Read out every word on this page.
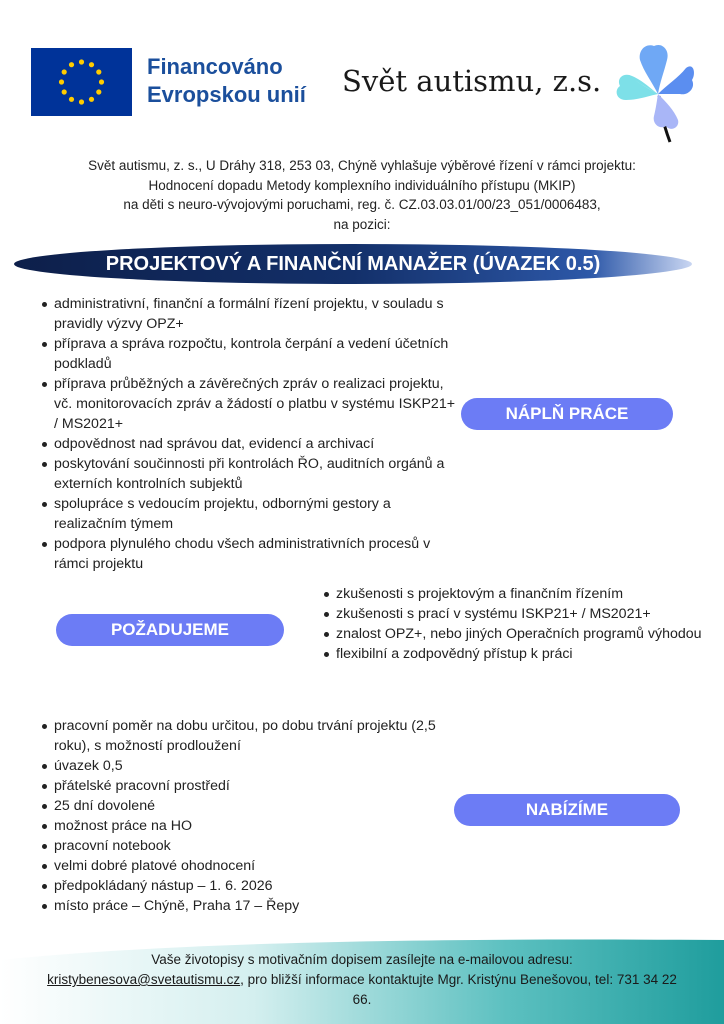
Financováno
Evropskou unií Svět autismu, z.s.
Svět autismu, z. s., U Dráhy 318, 253 03, Chýně vyhlašuje výběrové řízení v rámci projektu:
Hodnocení dopadu Metody komplexního individuálního přístupu (MKIP)
na děti s neuro-vývojovými poruchami, reg. č. CZ.03.03.01/00/23_051/0006483,
na pozici:
PROJEKTOVÝ A FINANČNÍ MANAŽER (ÚVAZEK 0.5)
administrativní, finanční a formální řízení projektu, v souladu s pravidly výzvy OPZ+
příprava a správa rozpočtu, kontrola čerpání a vedení účetních podkladů
příprava průběžných a závěrečných zpráv o realizaci projektu, vč. monitorovacích zpráv a žádostí o platbu v systému ISKP21+ / MS2021+
odpovědnost nad správou dat, evidencí a archivací
poskytování součinnosti při kontrolách ŘO, auditních orgánů a externích kontrolních subjektů
spolupráce s vedoucím projektu, odbornými gestory a realizačním týmem
podpora plynulého chodu všech administrativních procesů v rámci projektu
NÁPLŇ PRÁCE
POŽADUJEME
zkušenosti s projektovým a finančním řízením
zkušenosti s prací v systému ISKP21+ / MS2021+
znalost OPZ+, nebo jiných Operačních programů výhodou
flexibilní a zodpovědný přístup k práci
pracovní poměr na dobu určitou, po dobu trvání projektu (2,5 roku), s možností prodloužení
úvazek 0,5
přátelské pracovní prostředí
25 dní dovolené
možnost práce na HO
pracovní notebook
velmi dobré platové ohodnocení
předpokládaný nástup – 1. 6. 2026
místo práce – Chýně, Praha 17 – Řepy
NABÍZÍME
Vaše životopisy s motivačním dopisem zasílejte na e-mailovou adresu:
kristybenesova@svetautismu.cz, pro bližší informace kontaktujte Mgr. Kristýnu Benešovou, tel: 731 34 22 66.
